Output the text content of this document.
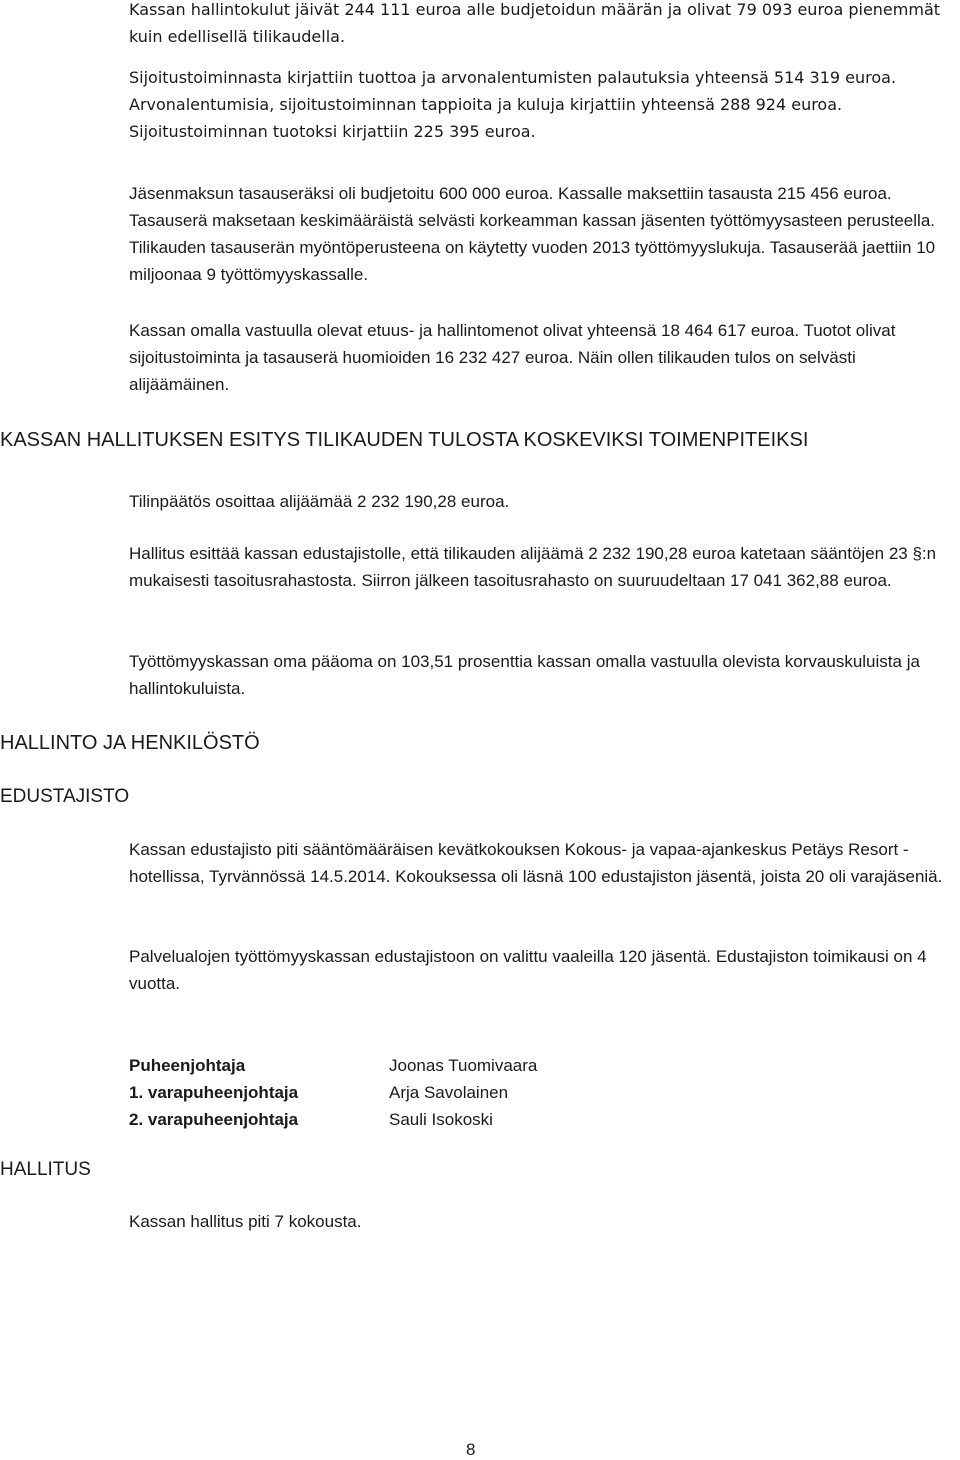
Kassan hallintokulut jäivät 244 111 euroa alle budjetoidun määrän ja olivat 79 093 euroa pienemmät kuin edellisellä tilikaudella.

Sijoitustoiminnasta kirjattiin tuottoa ja arvonalentumisten palautuksia yhteensä 514 319 euroa. Arvonalentumisia, sijoitustoiminnan tappioita ja kuluja kirjattiin yhteensä 288 924 euroa. Sijoitustoiminnan tuotoksi kirjattiin 225 395 euroa.

Jäsenmaksun tasauseräksi oli budjetoitu 600 000 euroa. Kassalle maksettiin tasausta 215 456 euroa. Tasauserä maksetaan keskimääräistä selvästi korkeamman kassan jäsenten työttömyysasteen perusteella. Tilikauden tasauserän myöntöperusteena on käytetty vuoden 2013 työttömyyslukuja. Tasauserää jaettiin 10 miljoonaa 9 työttömyyskassalle.

Kassan omalla vastuulla olevat etuus- ja hallintomenot olivat yhteensä 18 464 617 euroa. Tuotot olivat sijoitustoiminta ja tasauserä huomioiden 16 232 427 euroa. Näin ollen tilikauden tulos on selvästi alijäämäinen.

KASSAN HALLITUKSEN ESITYS TILIKAUDEN TULOSTA KOSKEVIKSI TOIMENPITEIKSI

Tilinpäätös osoittaa alijäämää 2 232 190,28 euroa.

Hallitus esittää kassan edustajistolle, että tilikauden alijäämä 2 232 190,28 euroa katetaan sääntöjen 23 §:n mukaisesti tasoitusrahastosta. Siirron jälkeen tasoitusrahasto on suuruudeltaan 17 041 362,88 euroa.

Työttömyyskassan oma pääoma on 103,51 prosenttia kassan omalla vastuulla olevista korvauskuluista ja hallintokuluista.

HALLINTO JA HENKILÖSTÖ
EDUSTAJISTO

Kassan edustajisto piti sääntömääräisen kevätkokouksen Kokous- ja vapaa-ajankeskus Petäys Resort -hotellissa, Tyrvännössä 14.5.2014. Kokouksessa oli läsnä 100 edustajiston jäsentä, joista 20 oli varajäseniä.

Palvelualojen työttömyyskassan edustajistoon on valittu vaaleilla 120 jäsentä. Edustajiston toimikausi on 4 vuotta.

Puheenjohtaja	Joonas Tuomivaara
1. varapuheenjohtaja	Arja Savolainen
2. varapuheenjohtaja	Sauli Isokoski
HALLITUS

Kassan hallitus piti 7 kokousta.

8
